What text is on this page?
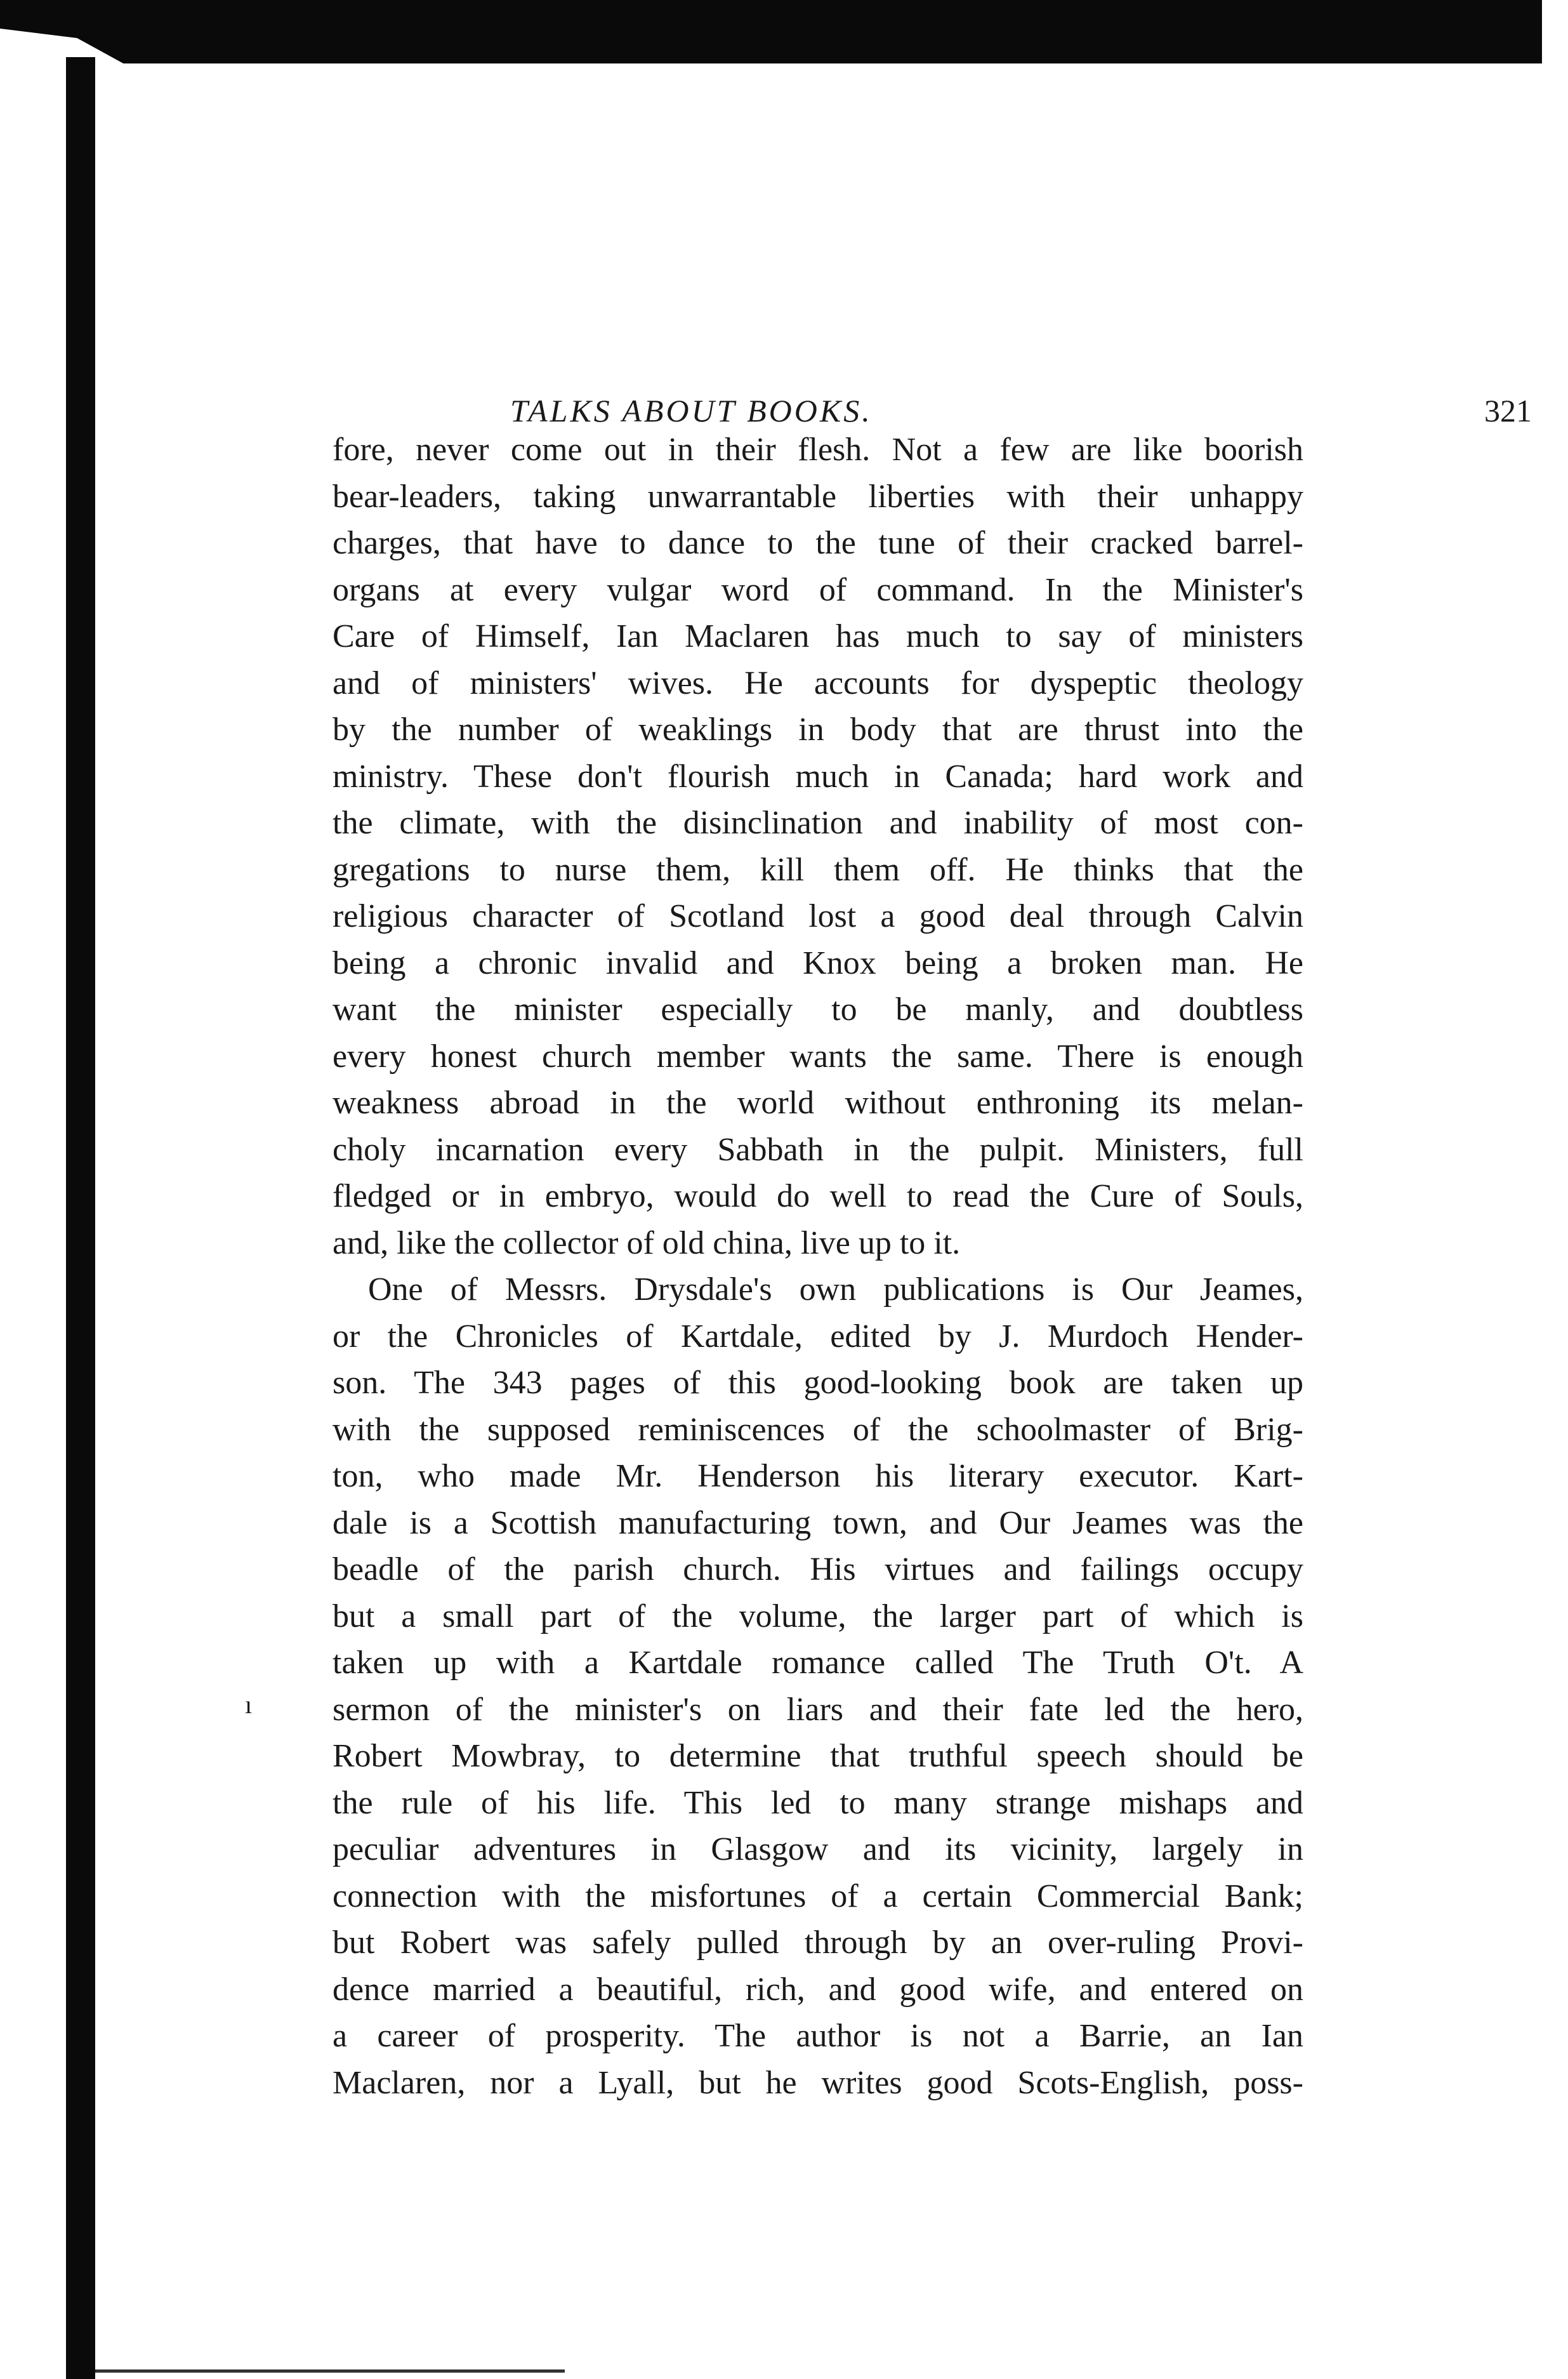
TALKS ABOUT BOOKS.	321
ı
fore, never come out in their flesh. Not a few are like boorish
bear-leaders, taking unwarrantable liberties with their unhappy
charges, that have to dance to the tune of their cracked barrel-
organs at every vulgar word of command. In the Minister's
Care of Himself, Ian Maclaren has much to say of ministers
and of ministers' wives. He accounts for dyspeptic theology
by the number of weaklings in body that are thrust into the
ministry. These don't flourish much in Canada; hard work and
the climate, with the disinclination and inability of most con-
gregations to nurse them, kill them off. He thinks that the
religious character of Scotland lost a good deal through Calvin
being a chronic invalid and Knox being a broken man. He
want the minister especially to be manly, and doubtless
every honest church member wants the same. There is enough
weakness abroad in the world without enthroning its melan-
choly incarnation every Sabbath in the pulpit. Ministers, full
fledged or in embryo, would do well to read the Cure of Souls,
and, like the collector of old china, live up to it.
One of Messrs. Drysdale's own publications is Our Jeames,
or the Chronicles of Kartdale, edited by J. Murdoch Hender-
son. The 343 pages of this good-looking book are taken up
with the supposed reminiscences of the schoolmaster of Brig-
ton, who made Mr. Henderson his literary executor. Kart-
dale is a Scottish manufacturing town, and Our Jeames was the
beadle of the parish church. His virtues and failings occupy
but a small part of the volume, the larger part of which is
taken up with a Kartdale romance called The Truth O't. A
sermon of the minister's on liars and their fate led the hero,
Robert Mowbray, to determine that truthful speech should be
the rule of his life. This led to many strange mishaps and
peculiar adventures in Glasgow and its vicinity, largely in
connection with the misfortunes of a certain Commercial Bank;
but Robert was safely pulled through by an over-ruling Provi-
dence married a beautiful, rich, and good wife, and entered on
a career of prosperity. The author is not a Barrie, an Ian
Maclaren, nor a Lyall, but he writes good Scots-English, poss-
